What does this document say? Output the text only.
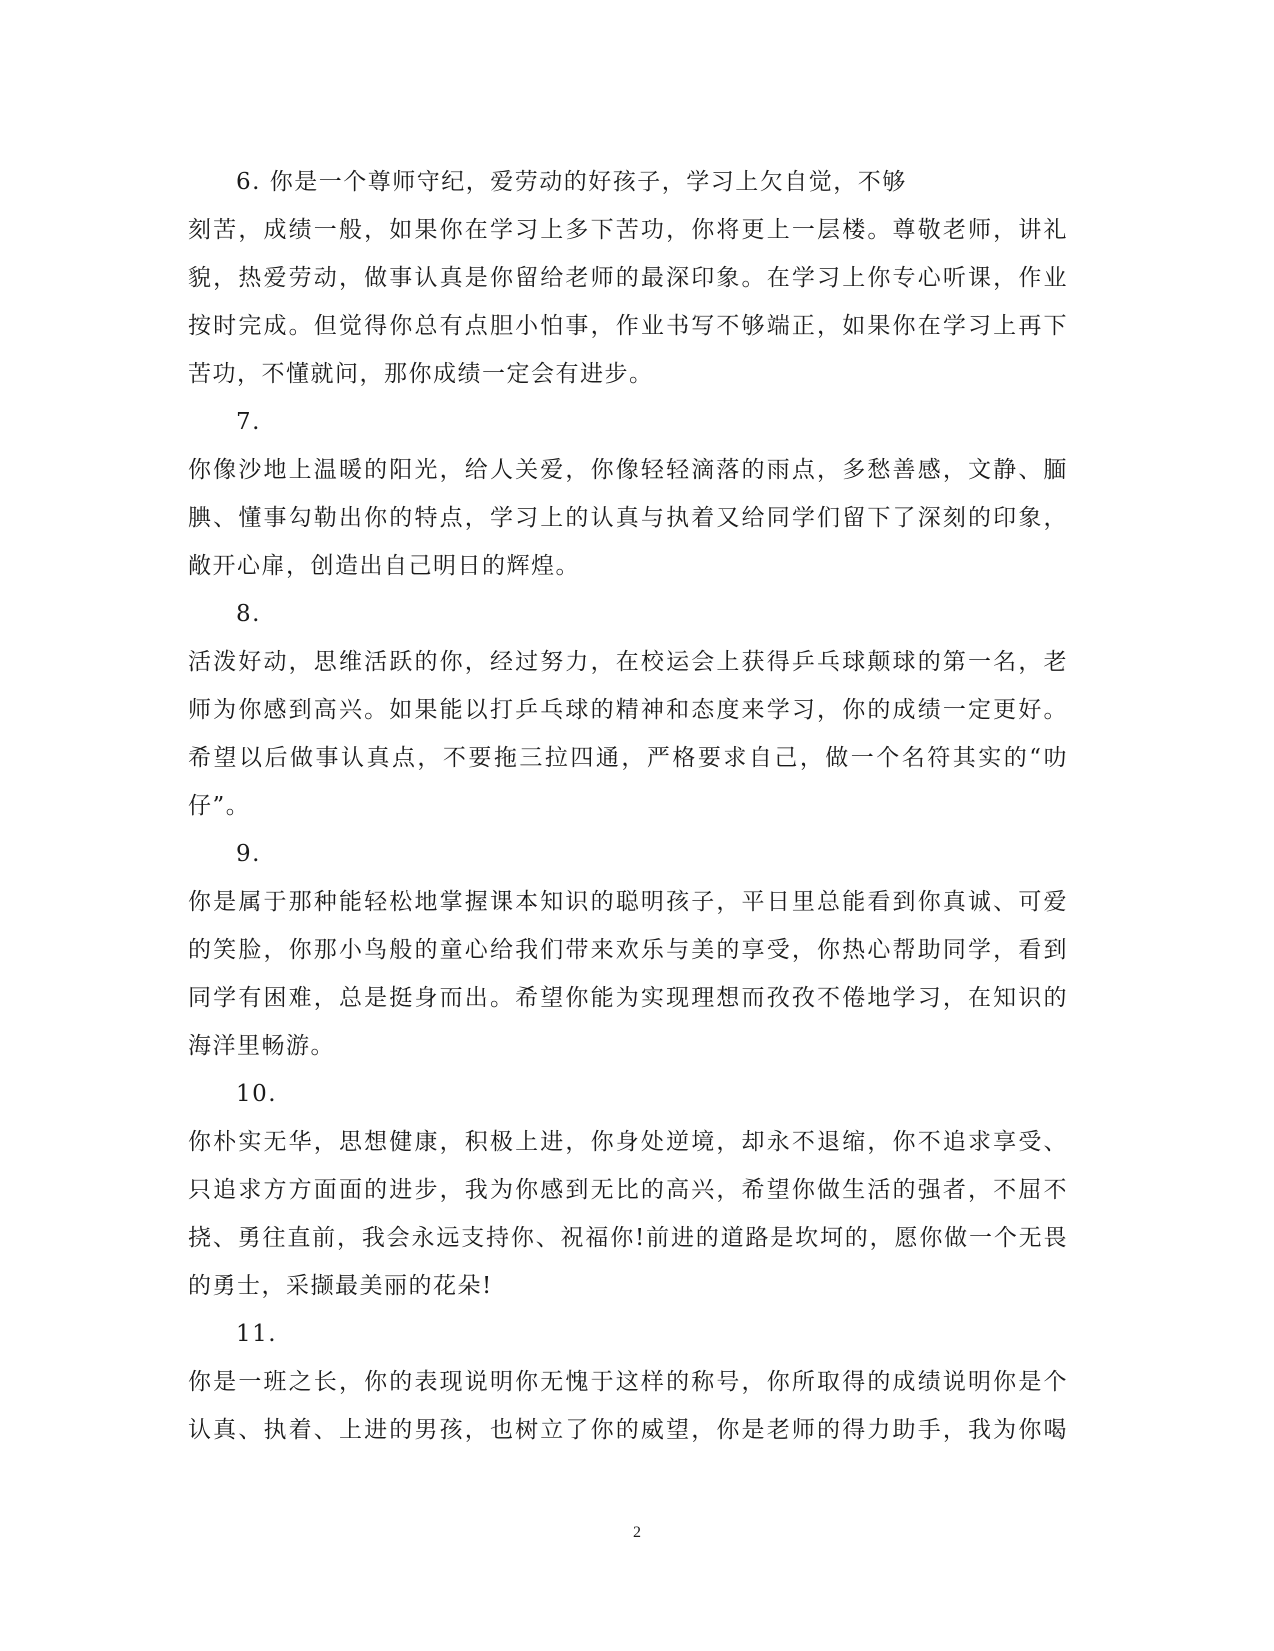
6. 你是一个尊师守纪，爱劳动的好孩子，学习上欠自觉，不够
刻苦，成绩一般，如果你在学习上多下苦功，你将更上一层楼。尊敬老师，讲礼
貌，热爱劳动，做事认真是你留给老师的最深印象。在学习上你专心听课，作业
按时完成。但觉得你总有点胆小怕事，作业书写不够端正，如果你在学习上再下
苦功，不懂就问，那你成绩一定会有进步。
7.
你像沙地上温暖的阳光，给人关爱，你像轻轻滴落的雨点，多愁善感，文静、腼
腆、懂事勾勒出你的特点，学习上的认真与执着又给同学们留下了深刻的印象，
敞开心扉，创造出自己明日的辉煌。
8.
活泼好动，思维活跃的你，经过努力，在校运会上获得乒乓球颠球的第一名，老
师为你感到高兴。如果能以打乒乓球的精神和态度来学习，你的成绩一定更好。
希望以后做事认真点，不要拖三拉四通，严格要求自己，做一个名符其实的“叻
仔”。
9.
你是属于那种能轻松地掌握课本知识的聪明孩子，平日里总能看到你真诚、可爱
的笑脸，你那小鸟般的童心给我们带来欢乐与美的享受，你热心帮助同学，看到
同学有困难，总是挺身而出。希望你能为实现理想而孜孜不倦地学习，在知识的
海洋里畅游。
10.
你朴实无华，思想健康，积极上进，你身处逆境，却永不退缩，你不追求享受、
只追求方方面面的进步，我为你感到无比的高兴，希望你做生活的强者，不屈不
挠、勇往直前，我会永远支持你、祝福你!前进的道路是坎坷的，愿你做一个无畏
的勇士，采撷最美丽的花朵!
11.
你是一班之长，你的表现说明你无愧于这样的称号，你所取得的成绩说明你是个
认真、执着、上进的男孩，也树立了你的威望，你是老师的得力助手，我为你喝
2
